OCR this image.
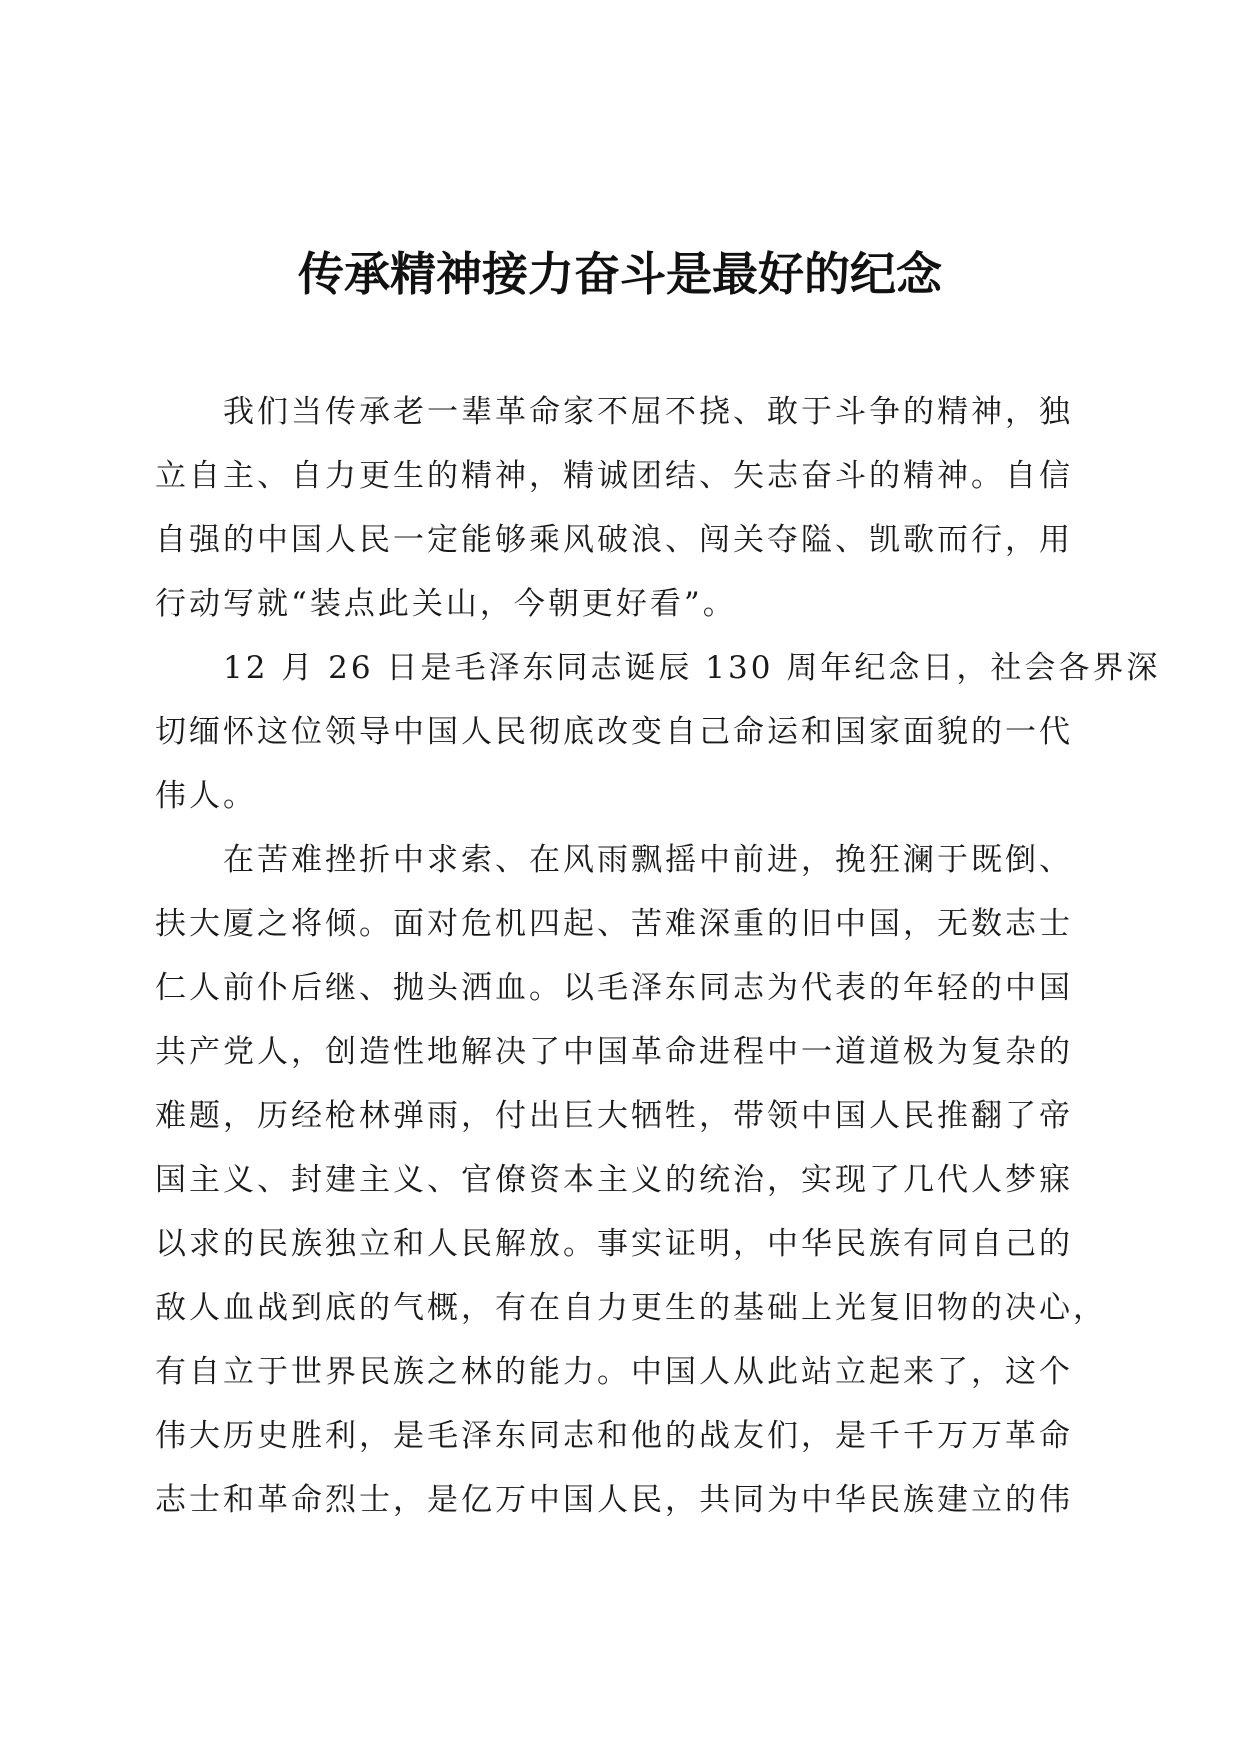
传承精神接力奋斗是最好的纪念
我们当传承老一辈革命家不屈不挠、敢于斗争的精神，独
立自主、自力更生的精神，精诚团结、矢志奋斗的精神。自信
自强的中国人民一定能够乘风破浪、闯关夺隘、凯歌而行，用
行动写就“装点此关山，今朝更好看”。
12 月 26 日是毛泽东同志诞辰 130 周年纪念日，社会各界深
切缅怀这位领导中国人民彻底改变自己命运和国家面貌的一代
伟人。
在苦难挫折中求索、在风雨飘摇中前进，挽狂澜于既倒、
扶大厦之将倾。面对危机四起、苦难深重的旧中国，无数志士
仁人前仆后继、抛头洒血。以毛泽东同志为代表的年轻的中国
共产党人，创造性地解决了中国革命进程中一道道极为复杂的
难题，历经枪林弹雨，付出巨大牺牲，带领中国人民推翻了帝
国主义、封建主义、官僚资本主义的统治，实现了几代人梦寐
以求的民族独立和人民解放。事实证明，中华民族有同自己的
敌人血战到底的气概，有在自力更生的基础上光复旧物的决心，
有自立于世界民族之林的能力。中国人从此站立起来了，这个
伟大历史胜利，是毛泽东同志和他的战友们，是千千万万革命
志士和革命烈士，是亿万中国人民，共同为中华民族建立的伟
